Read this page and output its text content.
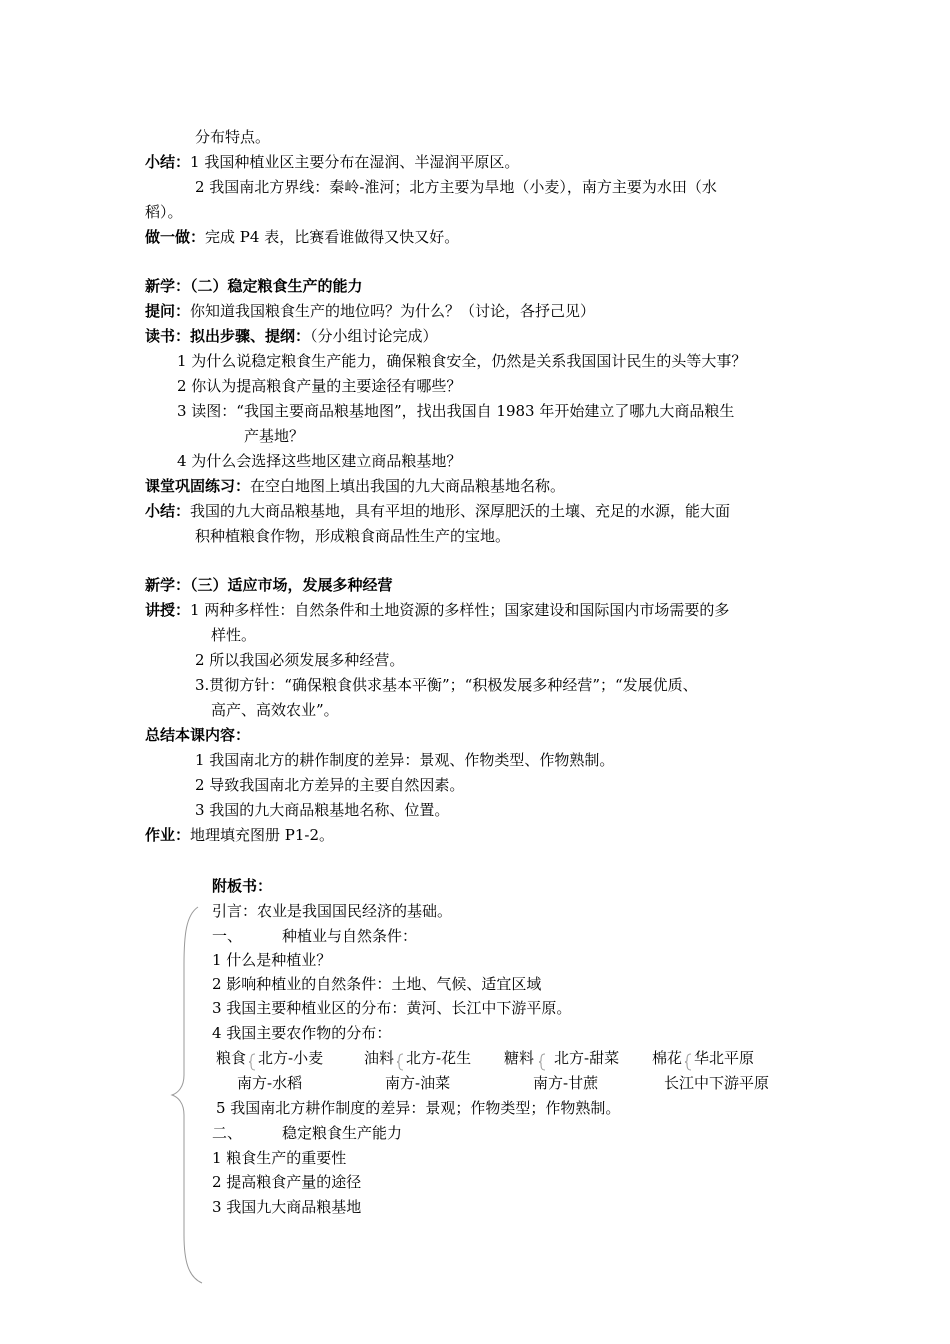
分布特点。
小结：1 我国种植业区主要分布在湿润、半湿润平原区。
2 我国南北方界线：秦岭-淮河；北方主要为旱地（小麦），南方主要为水田（水
稻）。
做一做：完成 P4 表，比赛看谁做得又快又好。
新学：（二）稳定粮食生产的能力
提问：你知道我国粮食生产的地位吗？为什么？（讨论，各抒己见）
读书：拟出步骤、提纲：（分小组讨论完成）
1 为什么说稳定粮食生产能力，确保粮食安全，仍然是关系我国国计民生的头等大事？
2 你认为提高粮食产量的主要途径有哪些？
3 读图：“我国主要商品粮基地图”，找出我国自 1983 年开始建立了哪九大商品粮生
产基地？
4 为什么会选择这些地区建立商品粮基地？
课堂巩固练习：在空白地图上填出我国的九大商品粮基地名称。
小结：我国的九大商品粮基地，具有平坦的地形、深厚肥沃的土壤、充足的水源，能大面
积种植粮食作物，形成粮食商品性生产的宝地。
新学：（三）适应市场，发展多种经营
讲授：1 两种多样性：自然条件和土地资源的多样性；国家建设和国际国内市场需要的多
样性。
2 所以我国必须发展多种经营。
3.贯彻方针：“确保粮食供求基本平衡”；“积极发展多种经营”；“发展优质、
高产、高效农业”。
总结本课内容：
1 我国南北方的耕作制度的差异：景观、作物类型、作物熟制。
2 导致我国南北方差异的主要自然因素。
3 我国的九大商品粮基地名称、位置。
作业：地理填充图册 P1-2。
附板书：
引言：农业是我国国民经济的基础。
一、	种植业与自然条件：
1 什么是种植业？
2 影响种植业的自然条件：土地、气候、适宜区域
3 我国主要种植业区的分布：黄河、长江中下游平原。
4 我国主要农作物的分布：
粮食 北方-小麦
南方-水稻
油料 北方-花生
南方-油菜
糖料 北方-甜菜
南方-甘蔗
棉花 华北平原
长江中下游平原
5 我国南北方耕作制度的差异：景观；作物类型；作物熟制。
二、	稳定粮食生产能力
1 粮食生产的重要性
2 提高粮食产量的途径
3 我国九大商品粮基地
